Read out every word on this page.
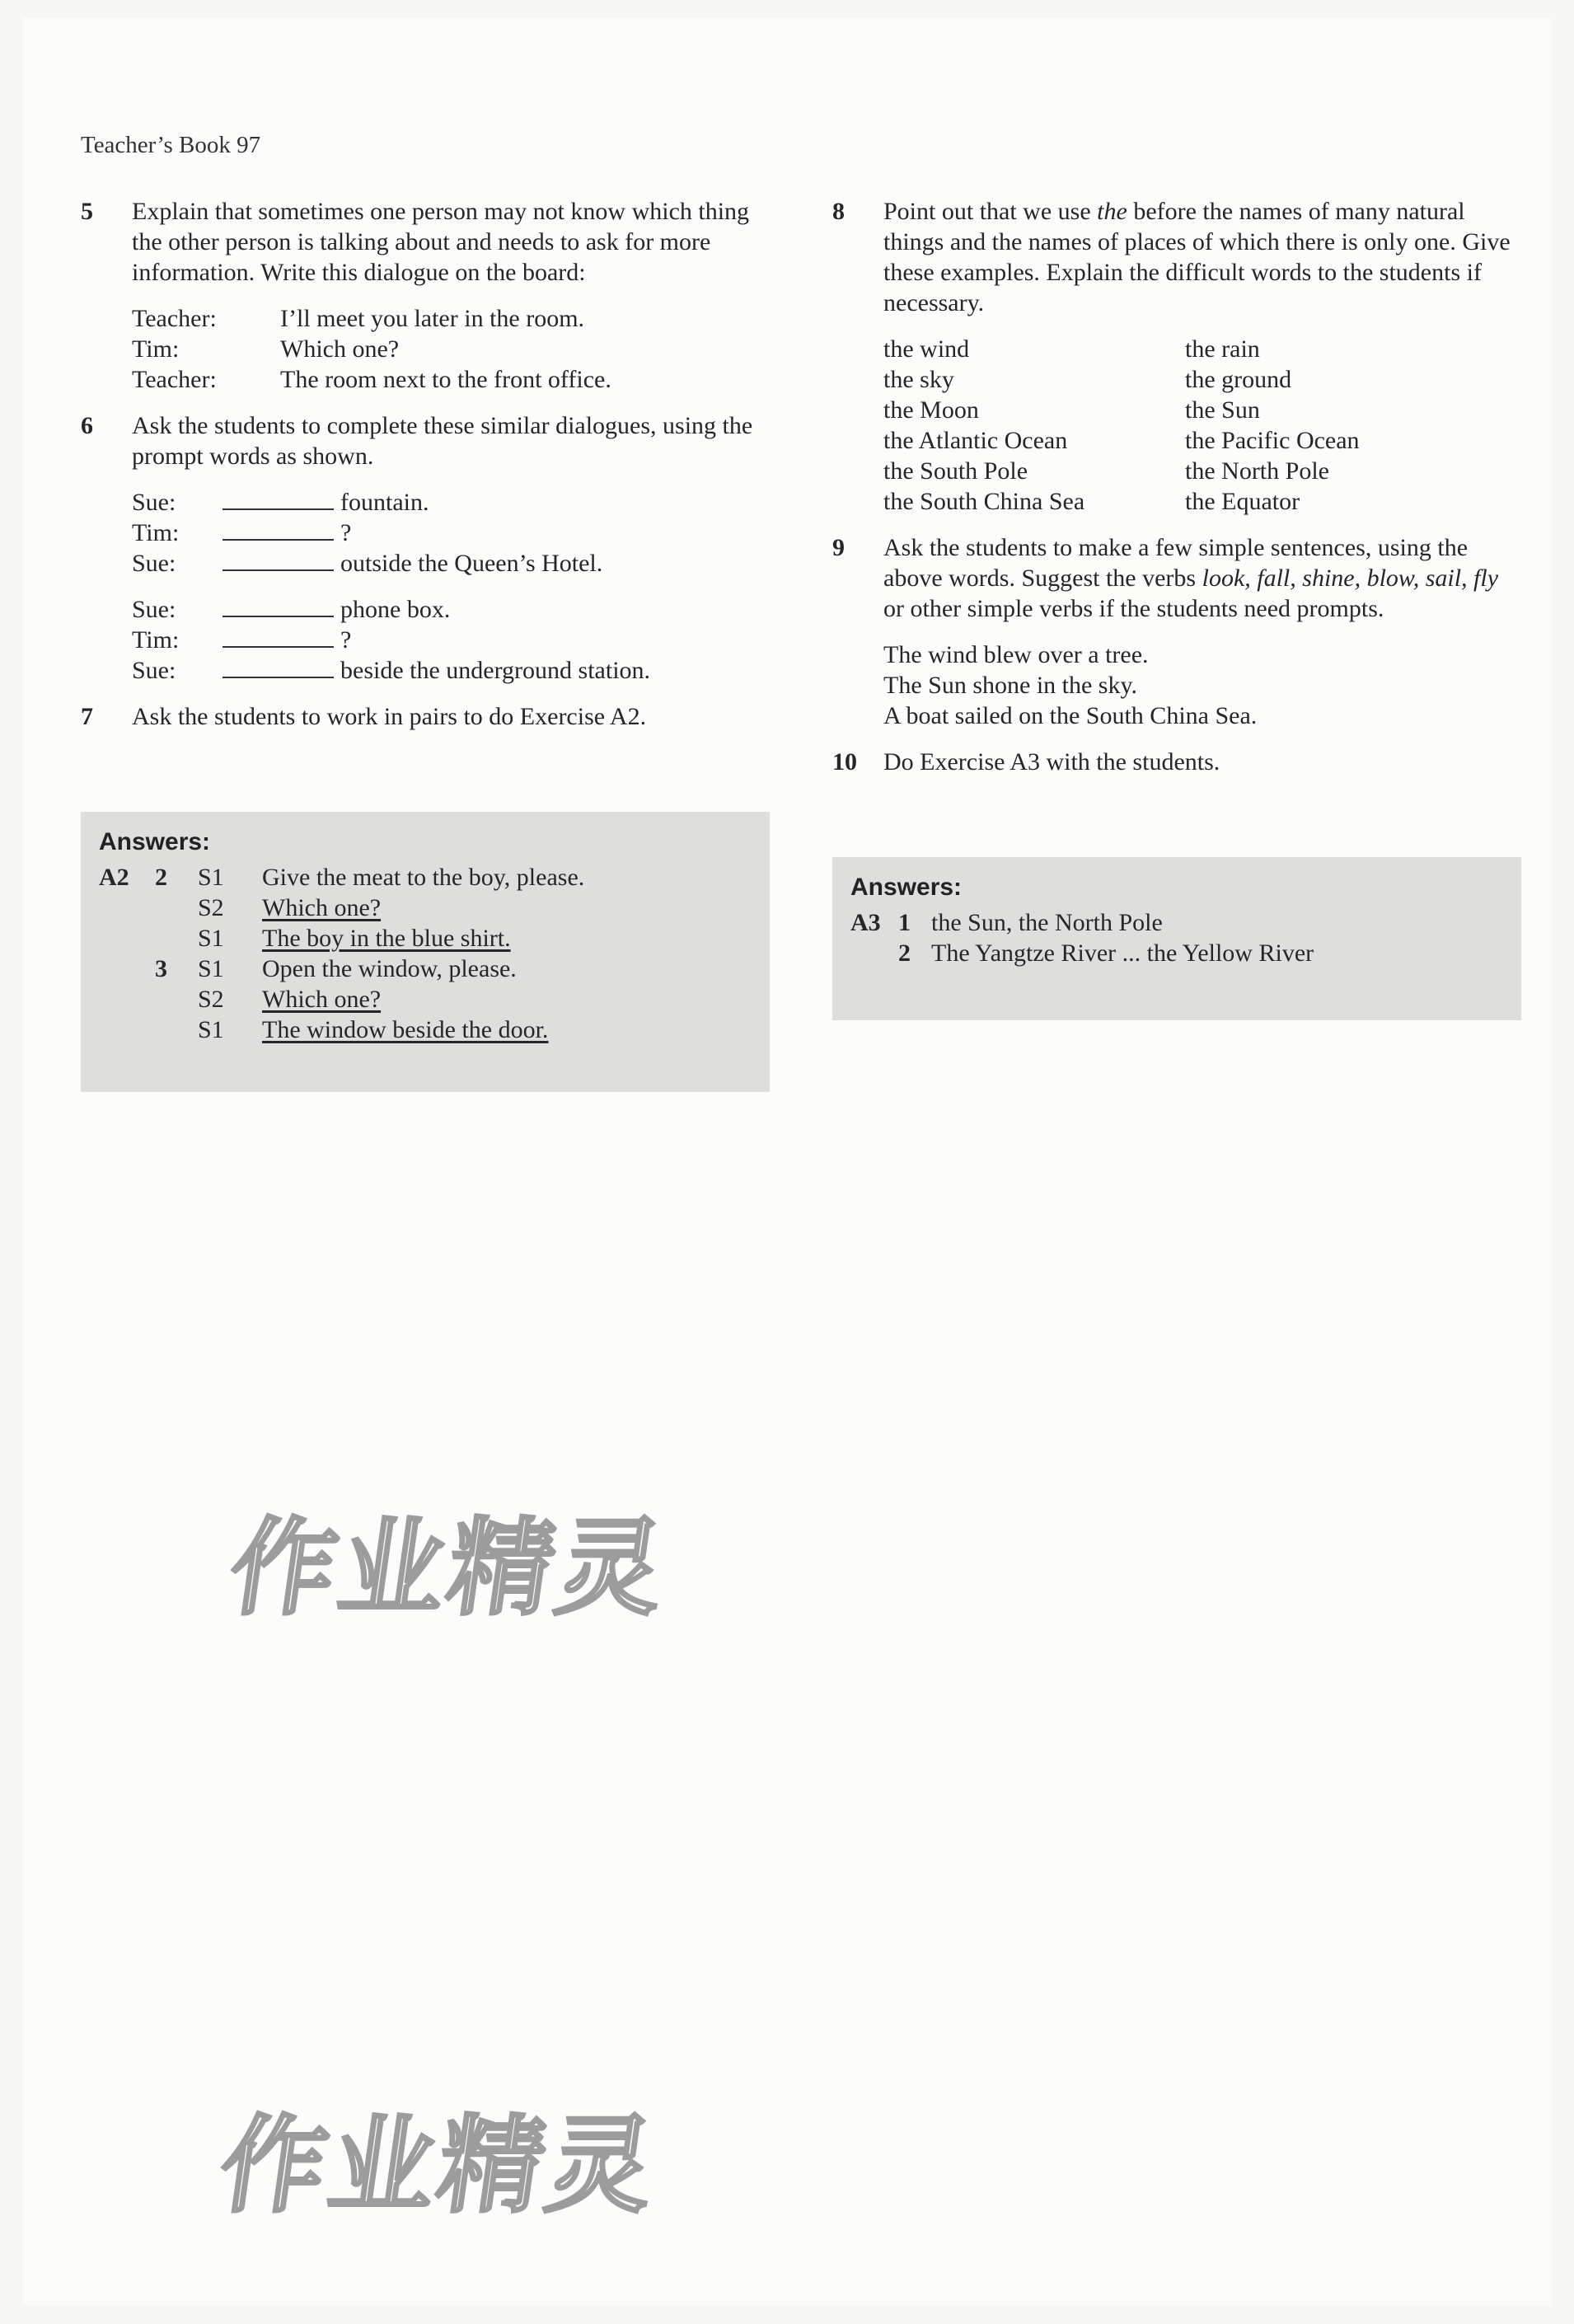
Teacher’s Book 97
5 Explain that sometimes one person may not know which thing the other person is talking about and needs to ask for more information. Write this dialogue on the board:

Teacher:	I’ll meet you later in the room.
Tim:	Which one?
Teacher:	The room next to the front office.
6 Ask the students to complete these similar dialogues, using the prompt words as shown.

Sue:	fountain.
Tim:	?
Sue:	outside the Queen’s Hotel.
Sue:	phone box.
Tim:	?
Sue:	beside the underground station.
7 Ask the students to work in pairs to do Exercise A2.

Answers:
A2	2	S1	Give the meat to the boy, please.
S2	Which one?
S1	The boy in the blue shirt.
3	S1	Open the window, please.
S2	Which one?
S1	The window beside the door.
8 Point out that we use the before the names of many natural things and the names of places of which there is only one. Give these examples. Explain the difficult words to the students if necessary.

the wind	the rain
the sky	the ground
the Moon	the Sun
the Atlantic Ocean	the Pacific Ocean
the South Pole	the North Pole
the South China Sea	the Equator
9 Ask the students to make a few simple sentences, using the above words. Suggest the verbs look, fall, shine, blow, sail, fly or other simple verbs if the students need prompts.

The wind blew over a tree.
The Sun shone in the sky.
A boat sailed on the South China Sea.
10 Do Exercise A3 with the students.

Answers:
A3 1 the Sun, the North Pole
2 The Yangtze River ... the Yellow River
作业精灵
作业精灵
